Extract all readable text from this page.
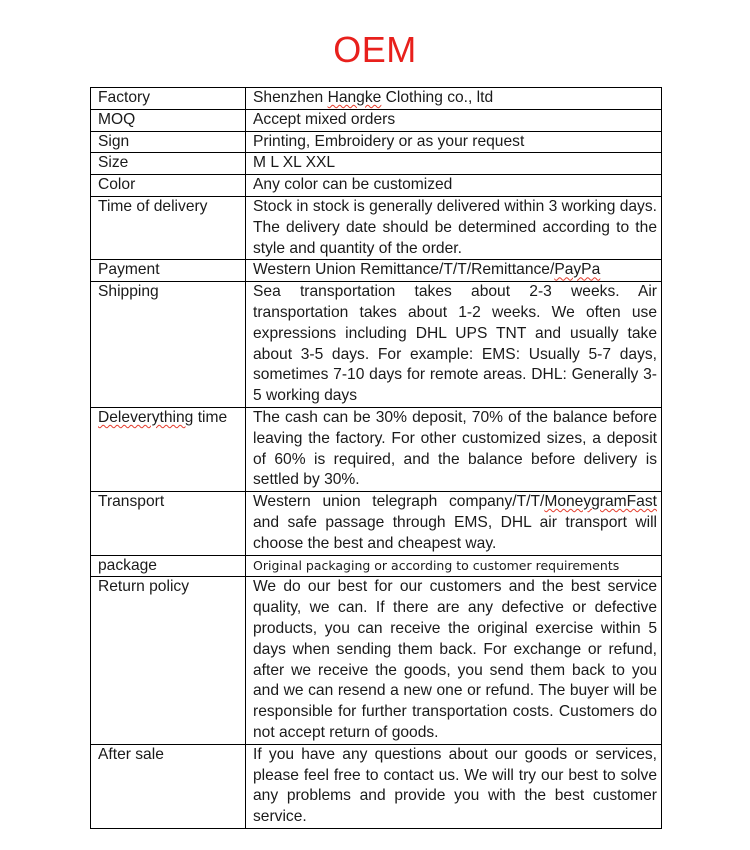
OEM
Factory	Shenzhen Hangke Clothing co., ltd
MOQ	Accept mixed orders
Sign	Printing, Embroidery or as your request
Size	M L XL XXL
Color	Any color can be customized
Time of delivery	Stock in stock is generally delivered within 3 working days. The delivery date should be determined according to the style and quantity of the order.
Payment	Western Union Remittance/T/T/Remittance/PayPa
Shipping	Sea transportation takes about 2-3 weeks. Air transportation takes about 1-2 weeks. We often use expressions including DHL UPS TNT and usually take about 3-5 days. For example: EMS: Usually 5-7 days, sometimes 7-10 days for remote areas. DHL: Generally 3-5 working days
Deleverything time	The cash can be 30% deposit, 70% of the balance before leaving the factory. For other customized sizes, a deposit of 60% is required, and the balance before delivery is settled by 30%.
Transport	Western union telegraph company/T/T/MoneygramFast and safe passage through EMS, DHL air transport will choose the best and cheapest way.
package	Original packaging or according to customer requirements
Return policy	We do our best for our customers and the best service quality, we can. If there are any defective or defective products, you can receive the original exercise within 5 days when sending them back. For exchange or refund, after we receive the goods, you send them back to you and we can resend a new one or refund. The buyer will be responsible for further transportation costs. Customers do not accept return of goods.
After sale	If you have any questions about our goods or services, please feel free to contact us. We will try our best to solve any problems and provide you with the best customer service.
